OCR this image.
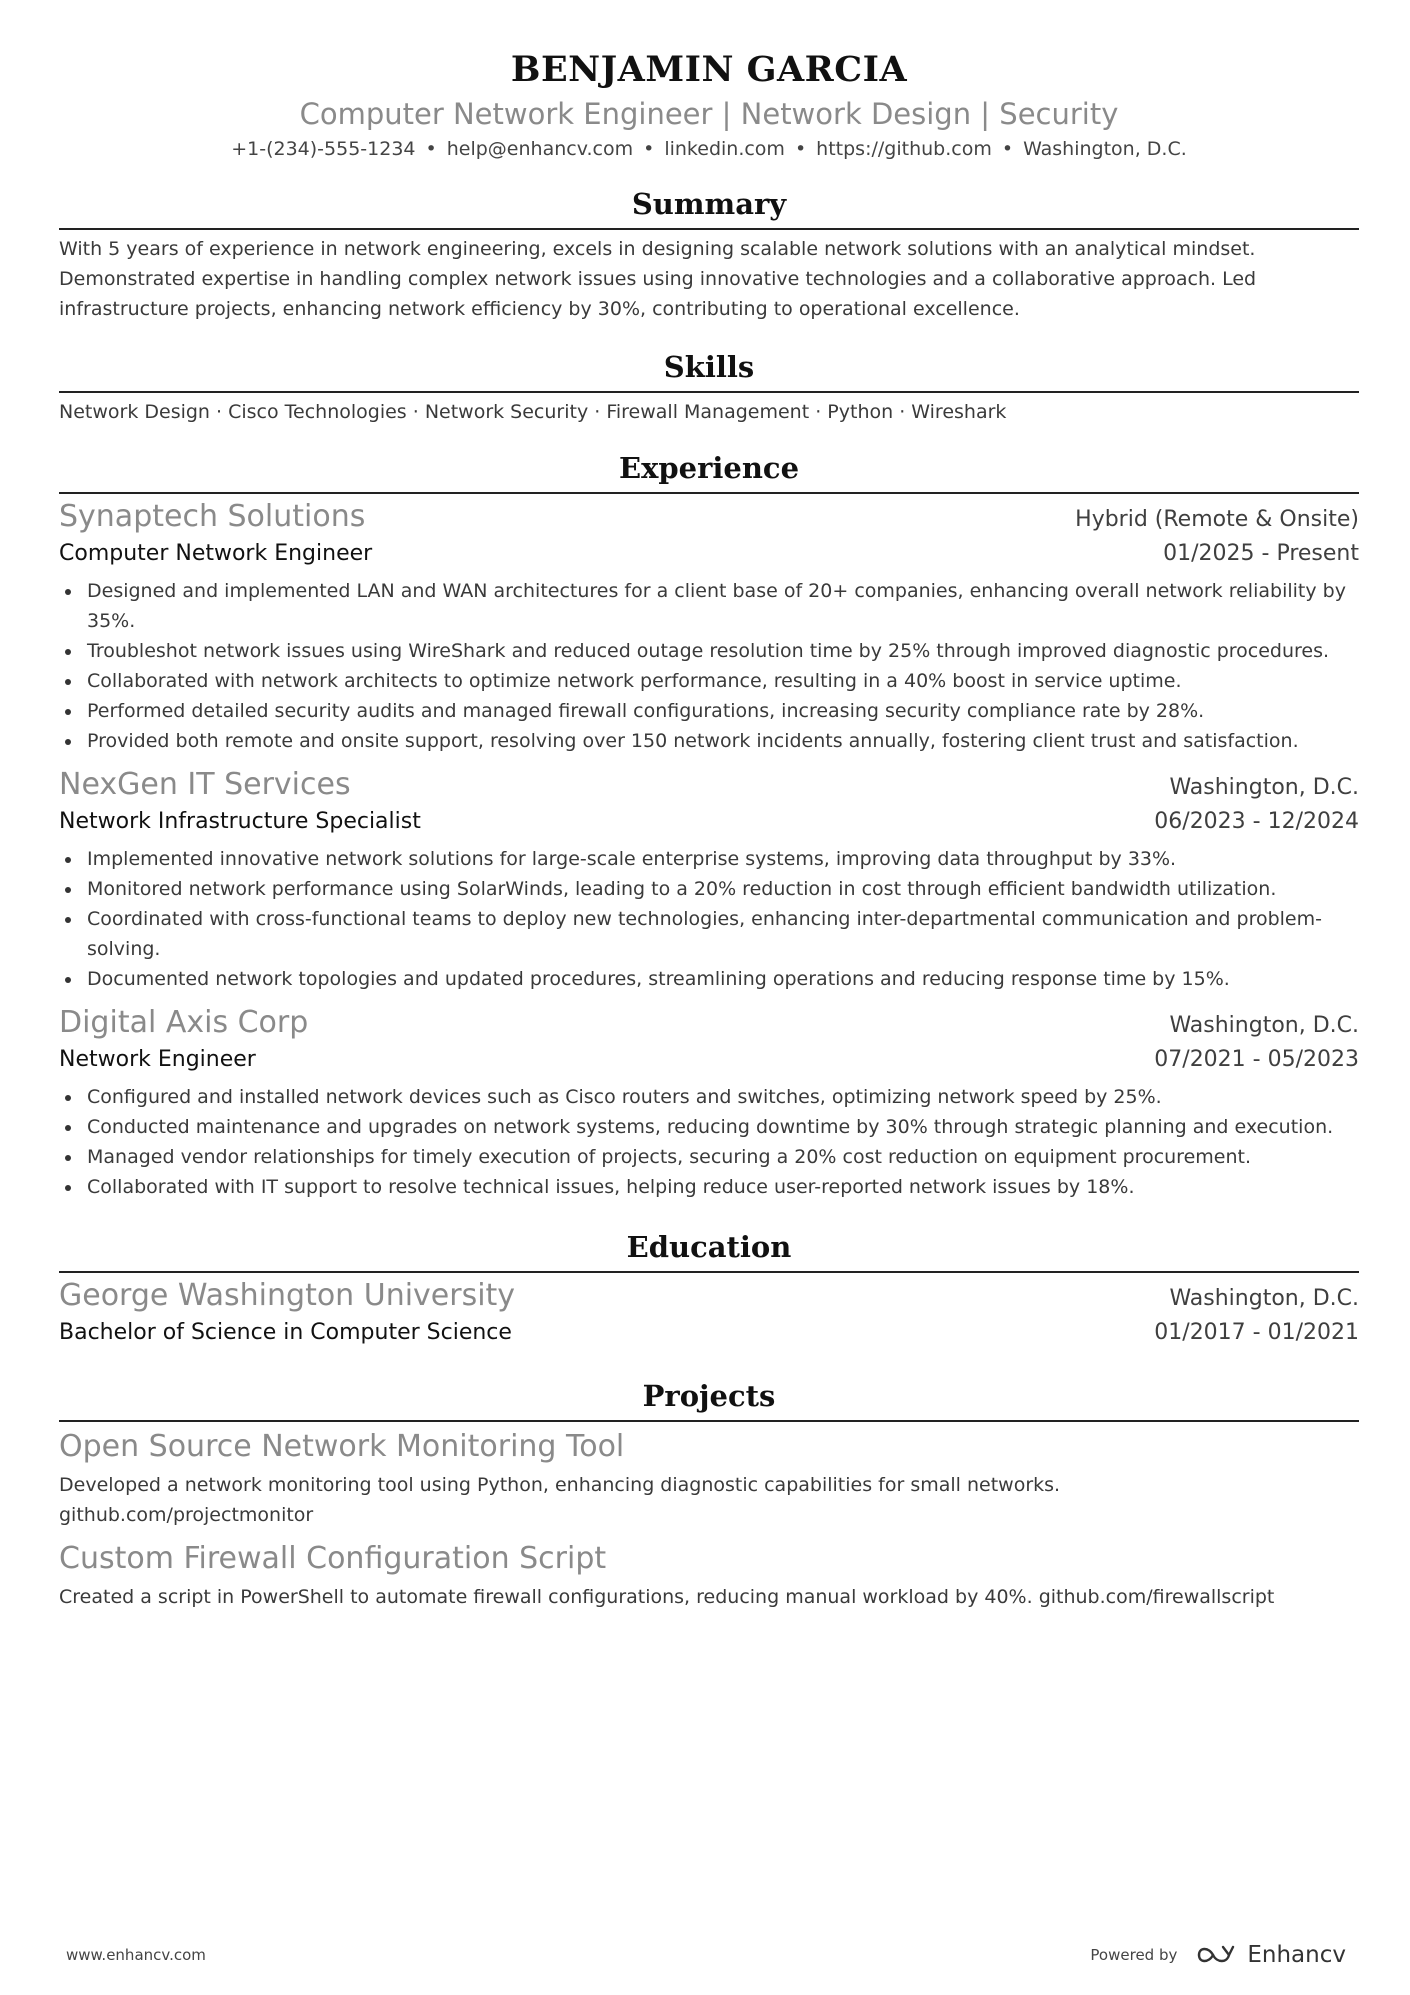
BENJAMIN GARCIA
Computer Network Engineer | Network Design | Security
+1-(234)-555-1234 • help@enhancv.com • linkedin.com • https://github.com • Washington, D.C.
Summary

With 5 years of experience in network engineering, excels in designing scalable network solutions with an analytical mindset. Demonstrated expertise in handling complex network issues using innovative technologies and a collaborative approach. Led infrastructure projects, enhancing network efficiency by 30%, contributing to operational excellence.

Skills

Network Design · Cisco Technologies · Network Security · Firewall Management · Python · Wireshark

Experience
Synaptech Solutions	Hybrid (Remote & Onsite)
Computer Network Engineer	01/2025 - Present
Designed and implemented LAN and WAN architectures for a client base of 20+ companies, enhancing overall network reliability by 35%.
Troubleshot network issues using WireShark and reduced outage resolution time by 25% through improved diagnostic procedures.
Collaborated with network architects to optimize network performance, resulting in a 40% boost in service uptime.
Performed detailed security audits and managed firewall configurations, increasing security compliance rate by 28%.
Provided both remote and onsite support, resolving over 150 network incidents annually, fostering client trust and satisfaction.
NexGen IT Services	Washington, D.C.
Network Infrastructure Specialist	06/2023 - 12/2024
Implemented innovative network solutions for large-scale enterprise systems, improving data throughput by 33%.
Monitored network performance using SolarWinds, leading to a 20% reduction in cost through efficient bandwidth utilization.
Coordinated with cross-functional teams to deploy new technologies, enhancing inter-departmental communication and problem-solving.
Documented network topologies and updated procedures, streamlining operations and reducing response time by 15%.
Digital Axis Corp	Washington, D.C.
Network Engineer	07/2021 - 05/2023
Configured and installed network devices such as Cisco routers and switches, optimizing network speed by 25%.
Conducted maintenance and upgrades on network systems, reducing downtime by 30% through strategic planning and execution.
Managed vendor relationships for timely execution of projects, securing a 20% cost reduction on equipment procurement.
Collaborated with IT support to resolve technical issues, helping reduce user-reported network issues by 18%.
Education
George Washington University	Washington, D.C.
Bachelor of Science in Computer Science	01/2017 - 01/2021
Projects
Open Source Network Monitoring Tool

Developed a network monitoring tool using Python, enhancing diagnostic capabilities for small networks.
github.com/projectmonitor

Custom Firewall Configuration Script

Created a script in PowerShell to automate firewall configurations, reducing manual workload by 40%. github.com/firewallscript

www.enhancv.com	Powered by	Enhancv
